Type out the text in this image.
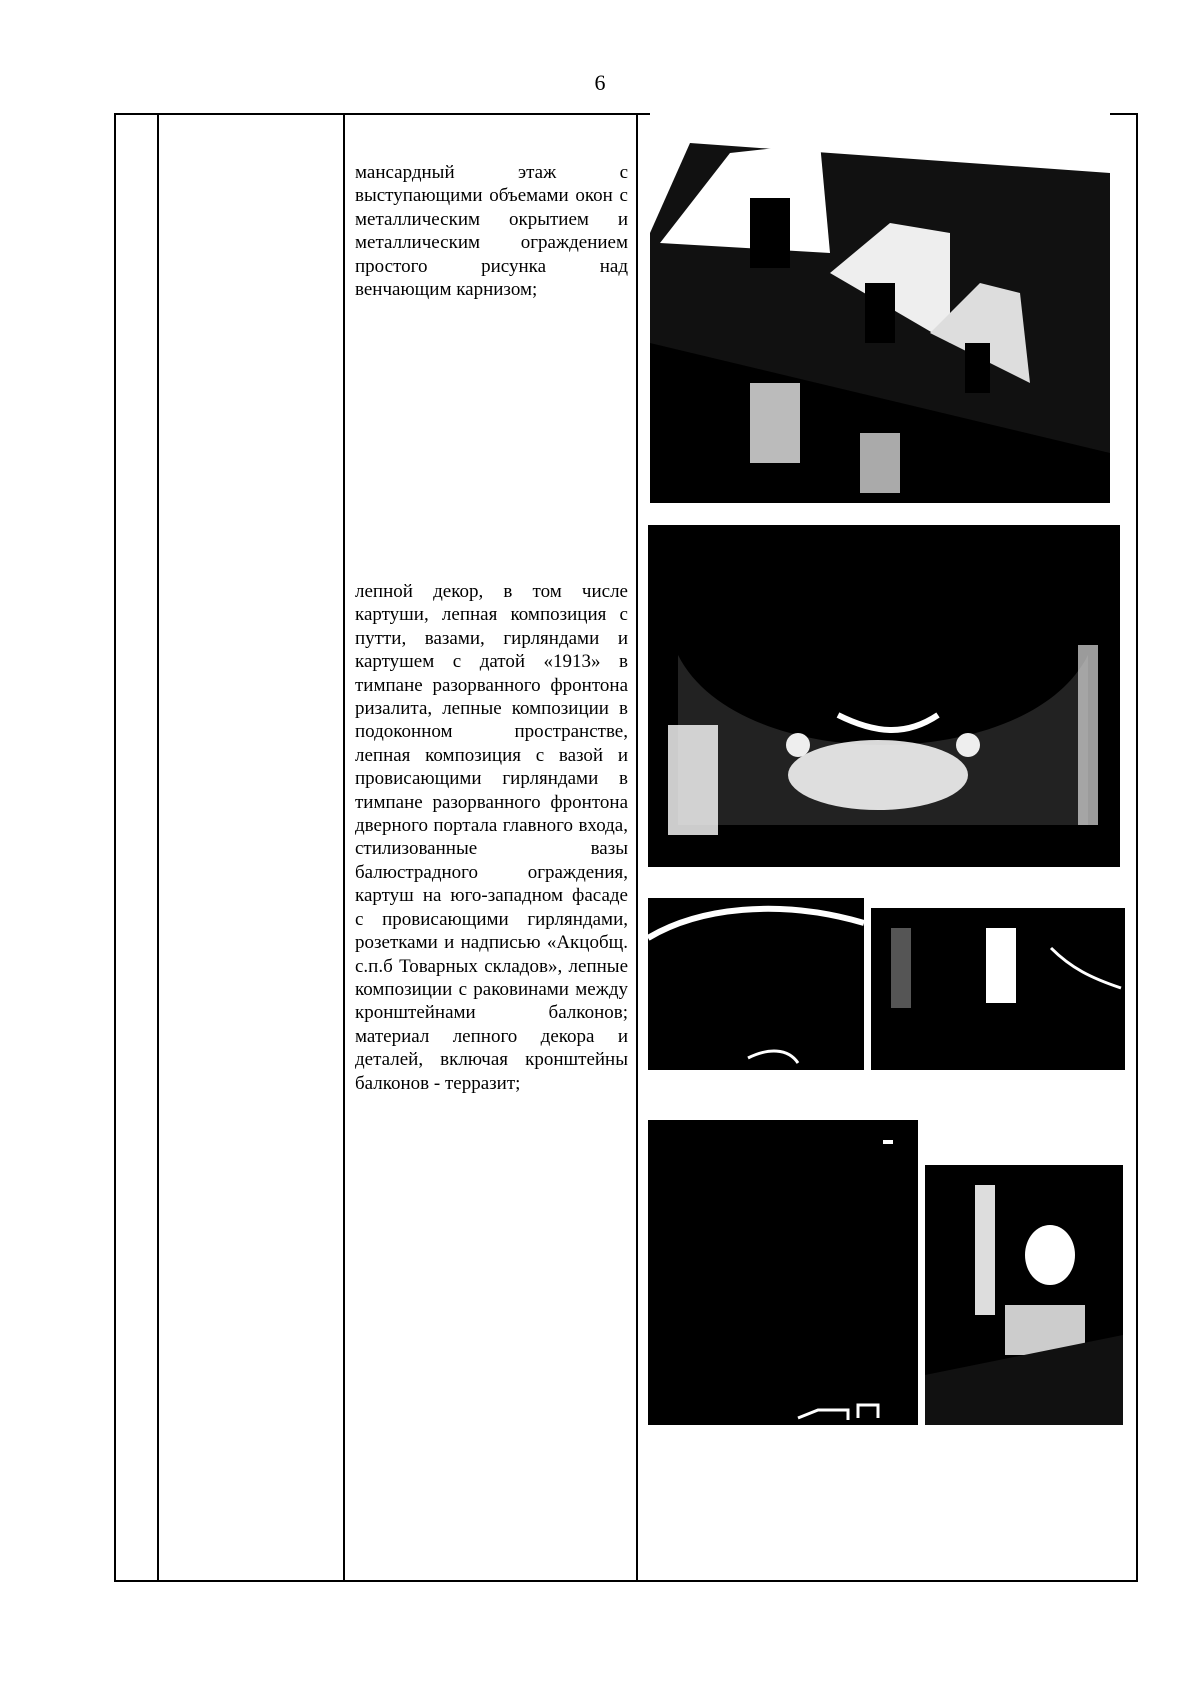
6
мансардный этаж с выступающими объемами окон с металлическим окрытием и металлическим ограждением простого рисунка над венчающим карнизом;
лепной декор, в том числе картуши, лепная композиция с путти, вазами, гирляндами и картушем с датой «1913» в тимпане разорванного фронтона ризалита, лепные композиции в подоконном пространстве, лепная композиция с вазой и провисающими гирляндами в тимпане разорванного фронтона дверного портала главного входа, стилизованные вазы балюстрадного ограждения, картуш на юго-западном фасаде с провисающими гирляндами, розетками и надписью «Акцобщ. с.п.б Товарных складов», лепные композиции с раковинами между кронштейнами балконов; материал лепного декора и деталей, включая кронштейны балконов - терразит;
